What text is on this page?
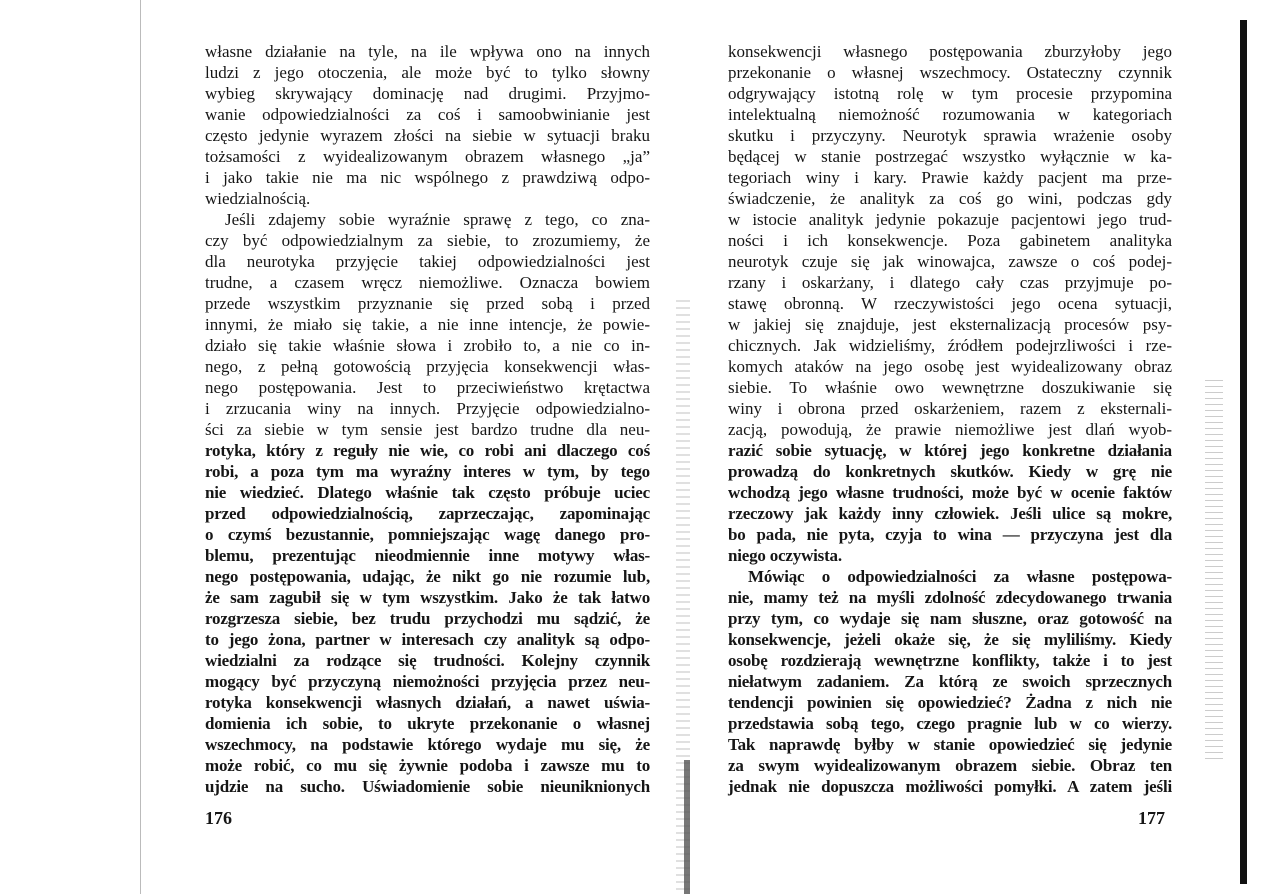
własne działanie na tyle, na ile wpływa ono na innych
ludzi z jego otoczenia, ale może być to tylko słowny
wybieg skrywający dominację nad drugimi. Przyjmo-
wanie odpowiedzialności za coś i samoobwinianie jest
często jedynie wyrazem złości na siebie w sytuacji braku
tożsamości z wyidealizowanym obrazem własnego „ja”
i jako takie nie ma nic wspólnego z prawdziwą odpo-
wiedzialnością.
Jeśli zdajemy sobie wyraźnie sprawę z tego, co zna-
czy być odpowiedzialnym za siebie, to zrozumiemy, że
dla neurotyka przyjęcie takiej odpowiedzialności jest
trudne, a czasem wręcz niemożliwe. Oznacza bowiem
przede wszystkim przyznanie się przed sobą i przed
innymi, że miało się takie, a nie inne intencje, że powie-
działo się takie właśnie słowa i zrobiło to, a nie co in-
nego, z pełną gotowością przyjęcia konsekwencji włas-
nego postępowania. Jest to przeciwieństwo krętactwa
i zrzucania winy na innych. Przyjęcie odpowiedzialno-
ści za siebie w tym sensie jest bardzo trudne dla neu-
rotyka, który z reguły nie wie, co robi ani dlaczego coś
robi, a poza tym ma wyraźny interes w tym, by tego
nie wiedzieć. Dlatego właśnie tak często próbuje uciec
przed odpowiedzialnością, zaprzeczając, zapominając
o czymś bezustannie, pomniejszając wagę danego pro-
blemu, prezentując nieodmiennie inne motywy włas-
nego postępowania, udając, że nikt go nie rozumie lub,
że sam zagubił się w tym wszystkim. Jako że tak łatwo
rozgrzesza siebie, bez trudu przychodzi mu sądzić, że
to jego żona, partner w interesach czy analityk są odpo-
wiedzialni za rodzące się trudności. Kolejny czynnik
mogący być przyczyną niemożności przyjęcia przez neu-
rotyka konsekwencji własnych działań, a nawet uświa-
domienia ich sobie, to ukryte przekonanie o własnej
wszechmocy, na podstawie którego wydaje mu się, że
może robić, co mu się żywnie podoba i zawsze mu to
ujdzie na sucho. Uświadomienie sobie nieuniknionych
176
konsekwencji własnego postępowania zburzyłoby jego
przekonanie o własnej wszechmocy. Ostateczny czynnik
odgrywający istotną rolę w tym procesie przypomina
intelektualną niemożność rozumowania w kategoriach
skutku i przyczyny. Neurotyk sprawia wrażenie osoby
będącej w stanie postrzegać wszystko wyłącznie w ka-
tegoriach winy i kary. Prawie każdy pacjent ma prze-
świadczenie, że analityk za coś go wini, podczas gdy
w istocie analityk jedynie pokazuje pacjentowi jego trud-
ności i ich konsekwencje. Poza gabinetem analityka
neurotyk czuje się jak winowajca, zawsze o coś podej-
rzany i oskarżany, i dlatego cały czas przyjmuje po-
stawę obronną. W rzeczywistości jego ocena sytuacji,
w jakiej się znajduje, jest eksternalizacją procesów psy-
chicznych. Jak widzieliśmy, źródłem podejrzliwości i rze-
komych ataków na jego osobę jest wyidealizowany obraz
siebie. To właśnie owo wewnętrzne doszukiwanie się
winy i obrona przed oskarżeniem, razem z eksternali-
zacją, powodują, że prawie niemożliwe jest dlań wyob-
razić sobie sytuację, w której jego konkretne działania
prowadzą do konkretnych skutków. Kiedy w grę nie
wchodzą jego własne trudności, może być w ocenie faktów
rzeczowy jak każdy inny człowiek. Jeśli ulice są mokre,
bo pada, nie pyta, czyja to wina — przyczyna jest dla
niego oczywista.
Mówiąc o odpowiedzialności za własne postępowa-
nie, mamy też na myśli zdolność zdecydowanego trwania
przy tym, co wydaje się nam słuszne, oraz gotowość na
konsekwencje, jeżeli okaże się, że się myliliśmy. Kiedy
osobę rozdzierają wewnętrzne konflikty, także i to jest
niełatwym zadaniem. Za którą ze swoich sprzecznych
tendencji powinien się opowiedzieć? Żadna z nich nie
przedstawia sobą tego, czego pragnie lub w co wierzy.
Tak naprawdę byłby w stanie opowiedzieć się jedynie
za swym wyidealizowanym obrazem siebie. Obraz ten
jednak nie dopuszcza możliwości pomyłki. A zatem jeśli
177
